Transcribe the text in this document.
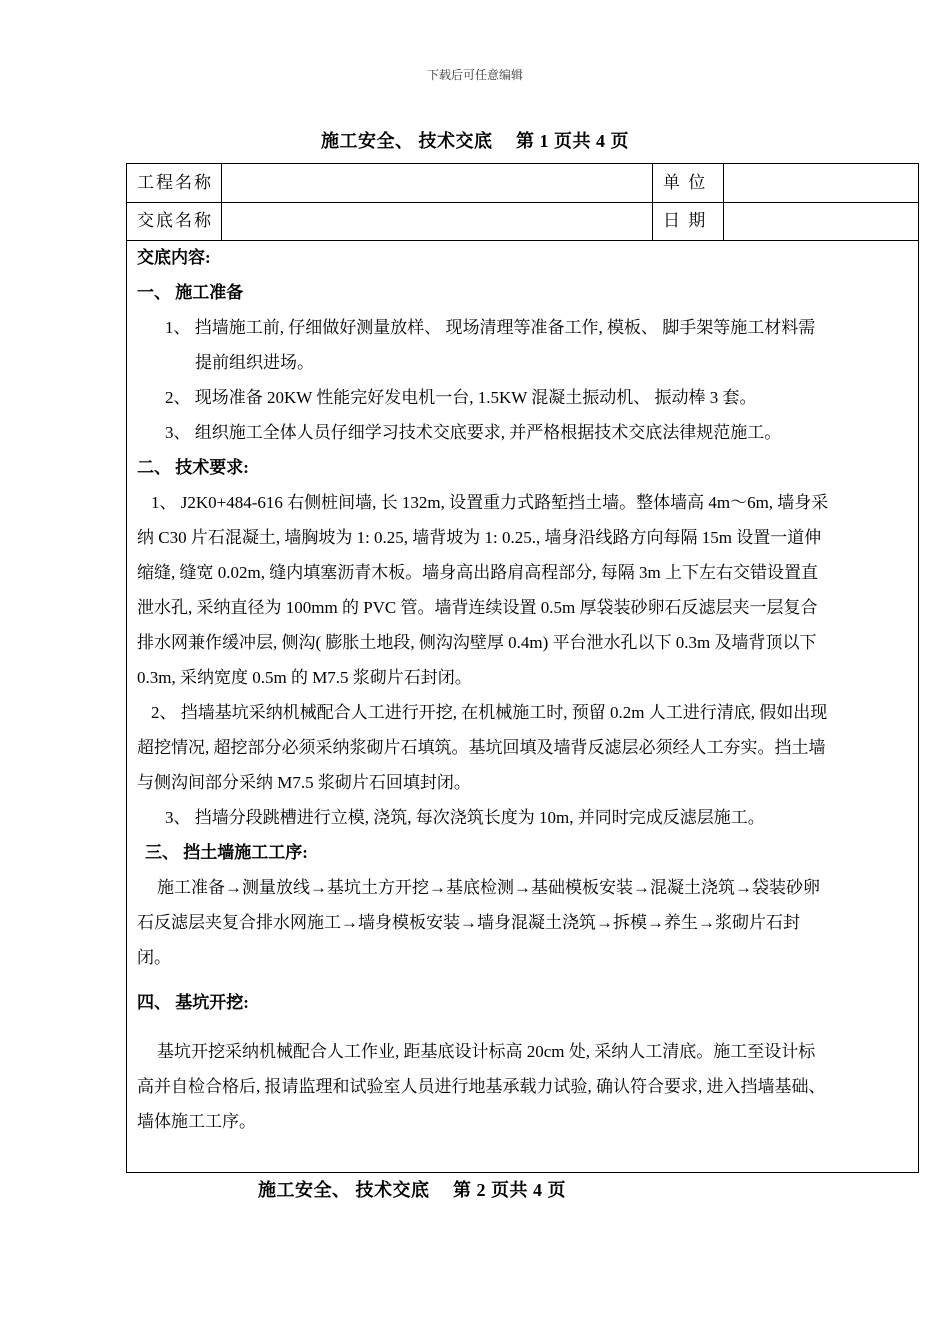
下载后可任意编辑
施工安全、 技术交底　 第 1 页共 4 页
工程名称	单 位
交底名称	日 期
交底内容:
一、 施工准备
1、 挡墙施工前, 仔细做好测量放样、 现场清理等准备工作, 模板、 脚手架等施工材料需
提前组织进场。
2、 现场准备 20KW 性能完好发电机一台, 1.5KW 混凝土振动机、 振动棒 3 套。
3、 组织施工全体人员仔细学习技术交底要求, 并严格根据技术交底法律规范施工。
二、 技术要求:
1、 J2K0+484-616 右侧桩间墙, 长 132m, 设置重力式路堑挡土墙。整体墙高 4m～6m, 墙身采
纳 C30 片石混凝土, 墙胸坡为 1: 0.25, 墙背坡为 1: 0.25., 墙身沿线路方向每隔 15m 设置一道伸
缩缝, 缝宽 0.02m, 缝内填塞沥青木板。墙身高出路肩高程部分, 每隔 3m 上下左右交错设置直
泄水孔, 采纳直径为 100mm 的 PVC 管。墙背连续设置 0.5m 厚袋装砂卵石反滤层夹一层复合
排水网兼作缓冲层, 侧沟( 膨胀土地段, 侧沟沟壁厚 0.4m) 平台泄水孔以下 0.3m 及墙背顶以下
0.3m, 采纳宽度 0.5m 的 M7.5 浆砌片石封闭。
2、 挡墙基坑采纳机械配合人工进行开挖, 在机械施工时, 预留 0.2m 人工进行清底, 假如出现
超挖情况, 超挖部分必须采纳浆砌片石填筑。基坑回填及墙背反滤层必须经人工夯实。挡土墙
与侧沟间部分采纳 M7.5 浆砌片石回填封闭。
3、 挡墙分段跳槽进行立模, 浇筑, 每次浇筑长度为 10m, 并同时完成反滤层施工。
三、 挡土墙施工工序:
施工准备→测量放线→基坑土方开挖→基底检测→基础模板安装→混凝土浇筑→袋装砂卵
石反滤层夹复合排水网施工→墙身模板安装→墙身混凝土浇筑→拆模→养生→浆砌片石封
闭。
四、 基坑开挖:
基坑开挖采纳机械配合人工作业, 距基底设计标高 20cm 处, 采纳人工清底。施工至设计标
高并自检合格后, 报请监理和试验室人员进行地基承载力试验, 确认符合要求, 进入挡墙基础、
墙体施工工序。
施工安全、 技术交底　 第 2 页共 4 页
